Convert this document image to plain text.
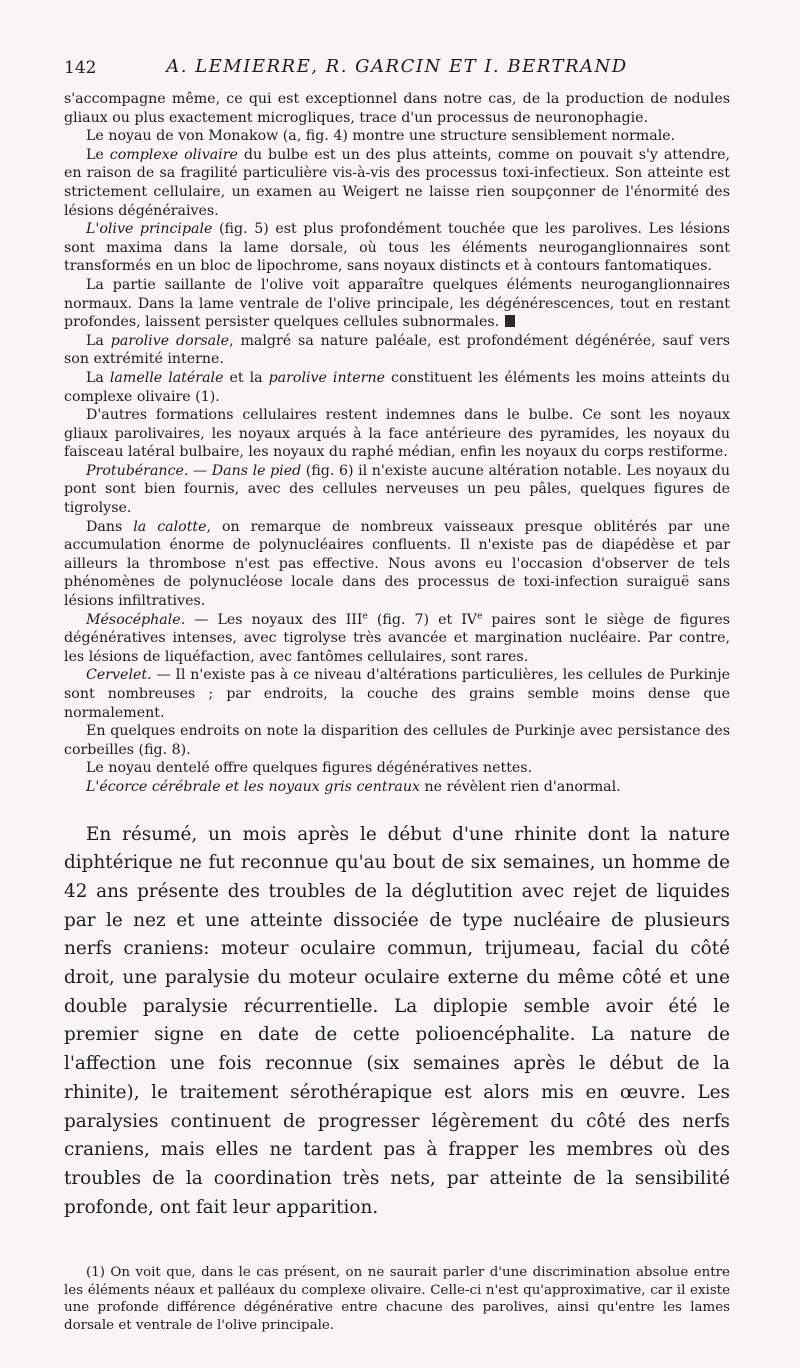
142	A. LEMIERRE, R. GARCIN ET I. BERTRAND

s'accompagne même, ce qui est exceptionnel dans notre cas, de la production de nodules gliaux ou plus exactement microgliques, trace d'un processus de neuronophagie.

Le noyau de von Monakow (a, fig. 4) montre une structure sensiblement normale.

Le complexe olivaire du bulbe est un des plus atteints, comme on pouvait s'y attendre, en raison de sa fragilité particulière vis-à-vis des processus toxi-infectieux. Son atteinte est strictement cellulaire, un examen au Weigert ne laisse rien soupçonner de l'énormité des lésions dégénéraives.

L'olive principale (fig. 5) est plus profondément touchée que les parolives. Les lésions sont maxima dans la lame dorsale, où tous les éléments neuroganglionnaires sont transformés en un bloc de lipochrome, sans noyaux distincts et à contours fantomatiques.

La partie saillante de l'olive voit apparaître quelques éléments neuroganglionnaires normaux. Dans la lame ventrale de l'olive principale, les dégénérescences, tout en restant profondes, laissent persister quelques cellules subnormales.

La parolive dorsale, malgré sa nature paléale, est profondément dégénérée, sauf vers son extrémité interne.

La lamelle latérale et la parolive interne constituent les éléments les moins atteints du complexe olivaire (1).

D'autres formations cellulaires restent indemnes dans le bulbe. Ce sont les noyaux gliaux parolivaires, les noyaux arqués à la face antérieure des pyramides, les noyaux du faisceau latéral bulbaire, les noyaux du raphé médian, enfin les noyaux du corps restiforme.

Protubérance. — Dans le pied (fig. 6) il n'existe aucune altération notable. Les noyaux du pont sont bien fournis, avec des cellules nerveuses un peu pâles, quelques figures de tigrolyse.

Dans la calotte, on remarque de nombreux vaisseaux presque oblitérés par une accumulation énorme de polynucléaires confluents. Il n'existe pas de diapédèse et par ailleurs la thrombose n'est pas effective. Nous avons eu l'occasion d'observer de tels phénomènes de polynucléose locale dans des processus de toxi-infection suraiguë sans lésions infiltratives.

Mésocéphale. — Les noyaux des IIIe (fig. 7) et IVe paires sont le siège de figures dégénératives intenses, avec tigrolyse très avancée et margination nucléaire. Par contre, les lésions de liquéfaction, avec fantômes cellulaires, sont rares.

Cervelet. — Il n'existe pas à ce niveau d'altérations particulières, les cellules de Purkinje sont nombreuses ; par endroits, la couche des grains semble moins dense que normalement.

En quelques endroits on note la disparition des cellules de Purkinje avec persistance des corbeilles (fig. 8).

Le noyau dentelé offre quelques figures dégénératives nettes.

L'écorce cérébrale et les noyaux gris centraux ne révèlent rien d'anormal.

En résumé, un mois après le début d'une rhinite dont la nature diphtérique ne fut reconnue qu'au bout de six semaines, un homme de 42 ans présente des troubles de la déglutition avec rejet de liquides par le nez et une atteinte dissociée de type nucléaire de plusieurs nerfs craniens: moteur oculaire commun, trijumeau, facial du côté droit, une paralysie du moteur oculaire externe du même côté et une double paralysie récurrentielle. La diplopie semble avoir été le premier signe en date de cette polioencéphalite. La nature de l'affection une fois reconnue (six semaines après le début de la rhinite), le traitement sérothérapique est alors mis en œuvre. Les paralysies continuent de progresser légèrement du côté des nerfs craniens, mais elles ne tardent pas à frapper les membres où des troubles de la coordination très nets, par atteinte de la sensibilité profonde, ont fait leur apparition.

(1) On voit que, dans le cas présent, on ne saurait parler d'une discrimination absolue entre les éléments néaux et palléaux du complexe olivaire. Celle-ci n'est qu'approximative, car il existe une profonde différence dégénérative entre chacune des parolives, ainsi qu'entre les lames dorsale et ventrale de l'olive principale.
